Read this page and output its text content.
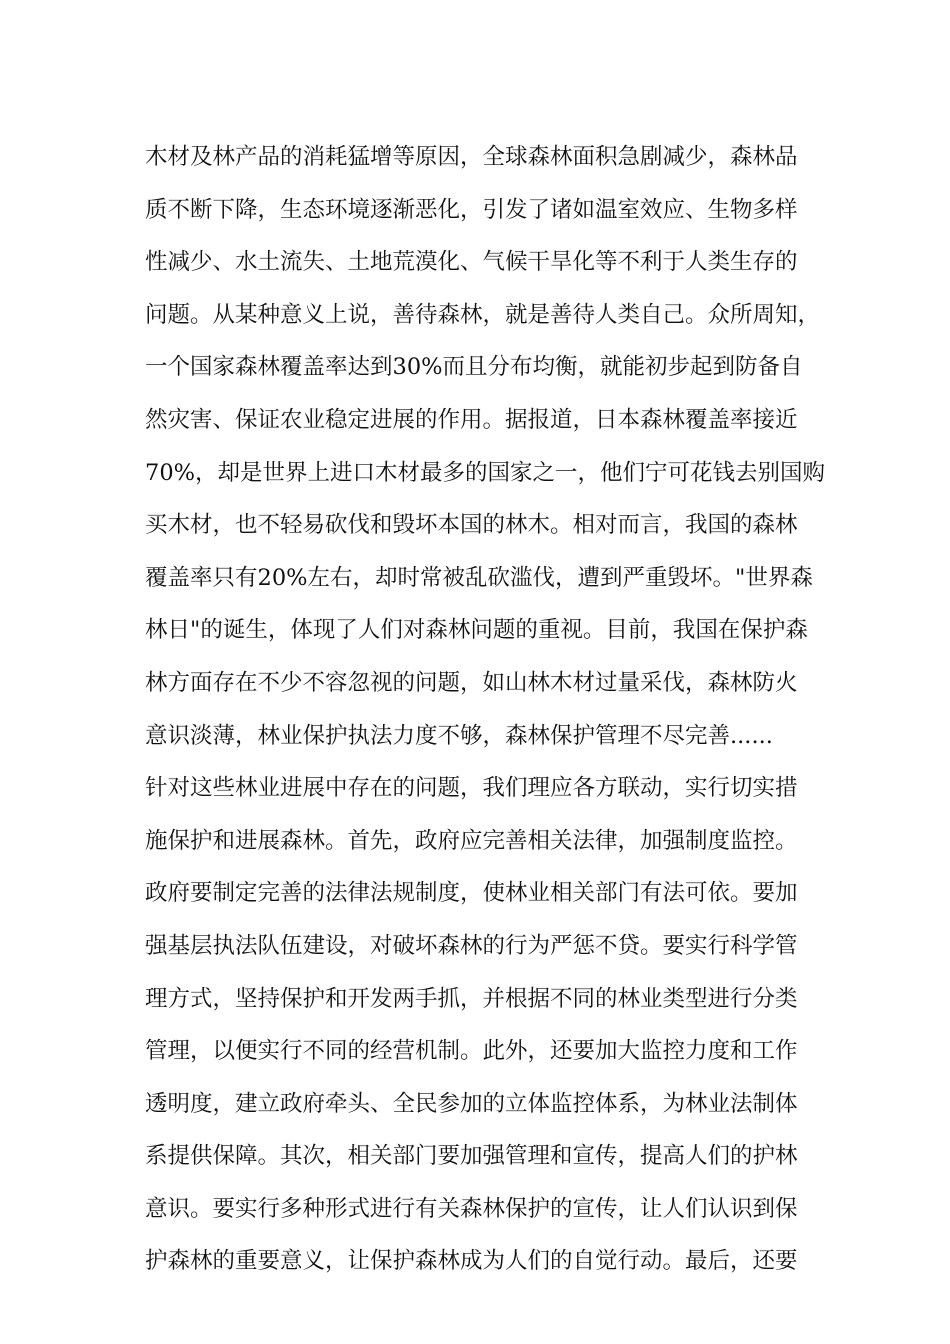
木材及林产品的消耗猛增等原因，全球森林面积急剧减少，森林品
质不断下降，生态环境逐渐恶化，引发了诸如温室效应、生物多样
性减少、水土流失、土地荒漠化、气候干旱化等不利于人类生存的
问题。从某种意义上说，善待森林，就是善待人类自己。众所周知，
一个国家森林覆盖率达到30%而且分布均衡，就能初步起到防备自
然灾害、保证农业稳定进展的作用。据报道，日本森林覆盖率接近
70%，却是世界上进口木材最多的国家之一，他们宁可花钱去别国购
买木材，也不轻易砍伐和毁坏本国的林木。相对而言，我国的森林
覆盖率只有20%左右，却时常被乱砍滥伐，遭到严重毁坏。"世界森
林日"的诞生，体现了人们对森林问题的重视。目前，我国在保护森
林方面存在不少不容忽视的问题，如山林木材过量采伐，森林防火
意识淡薄，林业保护执法力度不够，森林保护管理不尽完善......
针对这些林业进展中存在的问题，我们理应各方联动，实行切实措
施保护和进展森林。首先，政府应完善相关法律，加强制度监控。
政府要制定完善的法律法规制度，使林业相关部门有法可依。要加
强基层执法队伍建设，对破坏森林的行为严惩不贷。要实行科学管
理方式，坚持保护和开发两手抓，并根据不同的林业类型进行分类
管理，以便实行不同的经营机制。此外，还要加大监控力度和工作
透明度，建立政府牵头、全民参加的立体监控体系，为林业法制体
系提供保障。其次，相关部门要加强管理和宣传，提高人们的护林
意识。要实行多种形式进行有关森林保护的宣传，让人们认识到保
护森林的重要意义，让保护森林成为人们的自觉行动。最后，还要
